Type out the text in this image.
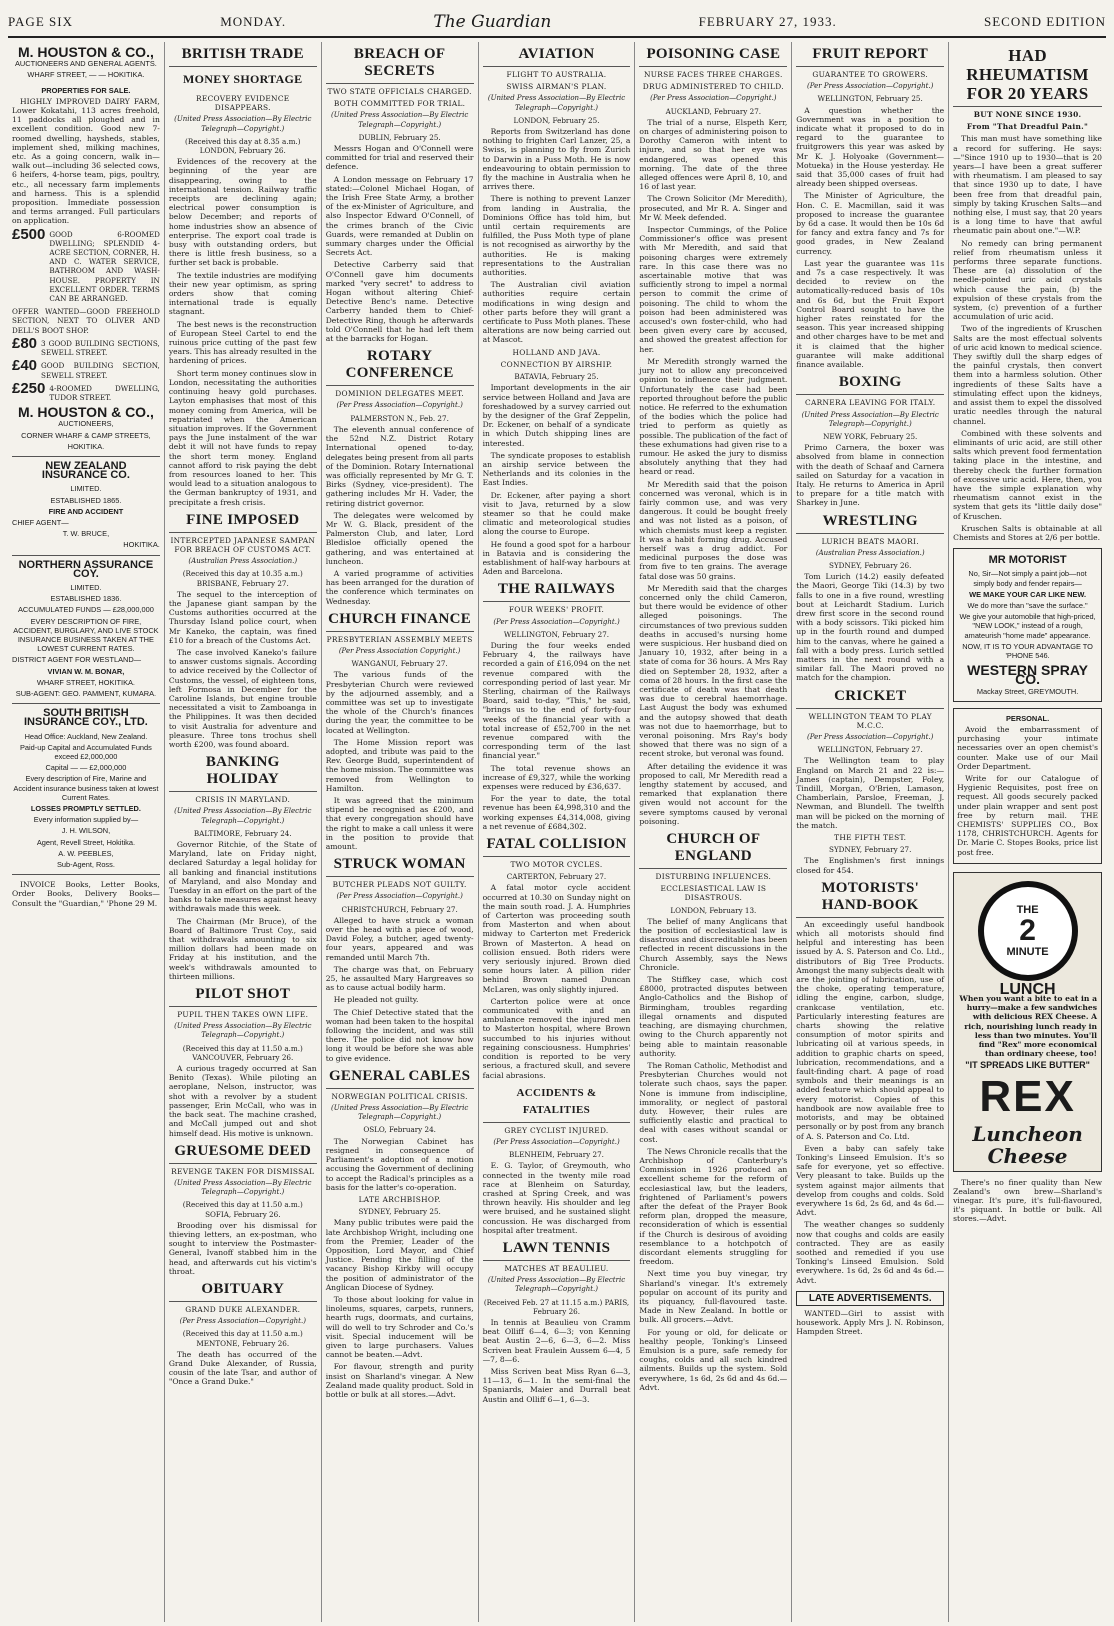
PAGE SIX	MONDAY.	The Guardian	FEBRUARY 27, 1933.	SECOND EDITION
M. HOUSTON & CO.,
AUCTIONEERS AND GENERAL AGENTS.
WHARF STREET, — — HOKITIKA.
PROPERTIES FOR SALE.

HIGHLY IMPROVED DAIRY FARM, Lower Kokatahi, 113 acres freehold, 11 paddocks all ploughed and in excellent condition. Good new 7-roomed dwelling, haysheds, stables, implement shed, milking machines, etc. As a going concern, walk in—walk out—including 36 selected cows, 6 heifers, 4-horse team, pigs, poultry, etc., all necessary farm implements and harness. This is a splendid proposition. Immediate possession and terms arranged. Full particulars on application.

£500 GOOD 6-ROOMED DWELLING; SPLENDID 4-ACRE SECTION, CORNER, H. AND C. WATER SERVICE, BATHROOM AND WASH-HOUSE. PROPERTY IN EXCELLENT ORDER. TERMS CAN BE ARRANGED.
OFFER WANTED—GOOD FREEHOLD SECTION, NEXT TO OLIVER AND DELL'S BOOT SHOP.
£80 3 GOOD BUILDING SECTIONS, SEWELL STREET.
£40 GOOD BUILDING SECTION, SEWELL STREET.
£250 4-ROOMED DWELLING, TUDOR STREET.
M. HOUSTON & CO.,
AUCTIONEERS,
CORNER WHARF & CAMP STREETS,
HOKITIKA.
NEW ZEALAND INSURANCE CO.
LIMITED.
ESTABLISHED 1865.
FIRE AND ACCIDENT
CHIEF AGENT—
T. W. BRUCE,
HOKITIKA.
NORTHERN ASSURANCE COY.
LIMITED.
ESTABLISHED 1836.
ACCUMULATED FUNDS — £28,000,000
EVERY DESCRIPTION OF FIRE, ACCIDENT, BURGLARY, AND LIVE STOCK INSURANCE BUSINESS TAKEN AT THE LOWEST CURRENT RATES.
DISTRICT AGENT FOR WESTLAND—
VIVIAN W. M. BONAR,
WHARF STREET, HOKITIKA.
SUB-AGENT: GEO. PAMMENT, KUMARA.
SOUTH BRITISH INSURANCE COY., LTD.
Head Office: Auckland, New Zealand.
Paid-up Capital and Accumulated Funds exceed £2,000,000
Capital — — £2,000,000
Every description of Fire, Marine and Accident insurance business taken at lowest Current Rates.
LOSSES PROMPTLY SETTLED.
Every information supplied by—
J. H. WILSON,
Agent, Revell Street, Hokitika.
A. W. PEEBLES,
Sub-Agent, Ross.

INVOICE Books, Letter Books, Order Books, Delivery Books—Consult the "Guardian," 'Phone 29 M.

BRITISH TRADE
MONEY SHORTAGE
RECOVERY EVIDENCE DISAPPEARS.
(United Press Association—By Electric Telegraph—Copyright.)
(Received this day at 8.35 a.m.) LONDON, February 26.

Evidences of the recovery at the beginning of the year are disappearing, owing to the international tension. Railway traffic receipts are declining again; electrical power consumption is below December; and reports of home industries show an absence of enterprise. The export coal trade is busy with outstanding orders, but there is little fresh business, so a further set back is probable.

The textile industries are modifying their new year optimism, as spring orders show that coming international trade is equally stagnant.

The best news is the reconstruction of European Steel Cartel to end the ruinous price cutting of the past few years. This has already resulted in the hardening of prices.

Short term money continues slow in London, necessitating the authorities continuing heavy gold purchases. Layton emphasises that most of this money coming from America, will be repatriated when the American situation improves. If the Government pays the June instalment of the war debt it will not have funds to repay the short term money. England cannot afford to risk paying the debt from resources loaned to her. This would lead to a situation analogous to the German bankruptcy of 1931, and precipitate a fresh crisis.

FINE IMPOSED
INTERCEPTED JAPANESE SAMPAN FOR BREACH OF CUSTOMS ACT.
(Australian Press Association.)
(Received this day at 10.35 a.m.) BRISBANE, February 27.

The sequel to the interception of the Japanese giant sampan by the Customs authorities occurred at the Thursday Island police court, when Mr Kaneko, the captain, was fined £10 for a breach of the Customs Act.

The case involved Kaneko's failure to answer customs signals. According to advice received by the Collector of Customs, the vessel, of eighteen tons, left Formosa in December for the Caroline Islands, but engine trouble necessitated a visit to Zamboanga in the Philippines. It was then decided to visit Australia for adventure and pleasure. Three tons trochus shell worth £200, was found aboard.

BANKING HOLIDAY
CRISIS IN MARYLAND.
(United Press Association—By Electric Telegraph—Copyright.)
BALTIMORE, February 24.

Governor Ritchie, of the State of Maryland, late on Friday night, declared Saturday a legal holiday for all banking and financial institutions of Maryland, and also Monday and Tuesday in an effort on the part of the banks to take measures against heavy withdrawals made this week.

The Chairman (Mr Bruce), of the Board of Baltimore Trust Coy., said that withdrawals amounting to six million dollars had been made on Friday at his institution, and the week's withdrawals amounted to thirteen millions.

PILOT SHOT
PUPIL THEN TAKES OWN LIFE.
(United Press Association—By Electric Telegraph—Copyright.)
(Received this day at 11.50 a.m.) VANCOUVER, February 26.

A curious tragedy occurred at San Benito (Texas). While piloting an aeroplane, Nelson, instructor, was shot with a revolver by a student passenger, Erin McCall, who was in the back seat. The machine crashed, and McCall jumped out and shot himself dead. His motive is unknown.

GRUESOME DEED
REVENGE TAKEN FOR DISMISSAL
(United Press Association—By Electric Telegraph—Copyright.)
(Received this day at 11.50 a.m.) SOFIA, February 26.

Brooding over his dismissal for thieving letters, an ex-postman, who sought to interview the Postmaster-General, Ivanoff stabbed him in the head, and afterwards cut his victim's throat.

OBITUARY
GRAND DUKE ALEXANDER.
(Per Press Association—Copyright.)
(Received this day at 11.50 a.m.) MENTONE, February 26.

The death has occurred of the Grand Duke Alexander, of Russia, cousin of the late Tsar, and author of "Once a Grand Duke."

BREACH OF SECRETS
TWO STATE OFFICIALS CHARGED.
BOTH COMMITTED FOR TRIAL.
(United Press Association—By Electric Telegraph—Copyright.)
DUBLIN, February 25.

Messrs Hogan and O'Connell were committed for trial and reserved their defence.

A London message on February 17 stated:—Colonel Michael Hogan, of the Irish Free State Army, a brother of the ex-Minister of Agriculture, and also Inspector Edward O'Connell, of the crimes branch of the Civic Guards, were remanded at Dublin on summary charges under the Official Secrets Act.

Detective Carberry said that O'Connell gave him documents marked "very secret" to address to Hogan without altering Chief-Detective Benc's name. Detective Carberry handed them to Chief-Detective Ring, though he afterwards told O'Connell that he had left them at the barracks for Hogan.

ROTARY CONFERENCE
DOMINION DELEGATES MEET.
(Per Press Association—Copyright.)
PALMERSTON N., Feb. 27.

The eleventh annual conference of the 52nd N.Z. District Rotary International opened to-day, delegates being present from all parts of the Dominion. Rotary International was officially represented by Mr G. T. Birks (Sydney, vice-president). The gathering includes Mr H. Vader, the retiring district governor.

The delegates were welcomed by Mr W. G. Black, president of the Palmerston Club, and later, Lord Bledisloe officially opened the gathering, and was entertained at luncheon.

A varied programme of activities has been arranged for the duration of the conference which terminates on Wednesday.

CHURCH FINANCE
PRESBYTERIAN ASSEMBLY MEETS
(Per Press Association Copyright.)
WANGANUI, February 27.

The various funds of the Presbyterian Church were reviewed by the adjourned assembly, and a committee was set up to investigate the whole of the Church's finances during the year, the committee to be located at Wellington.

The Home Mission report was adopted, and tribute was paid to the Rev. George Budd, superintendent of the home mission. The committee was removed from Wellington to Hamilton.

It was agreed that the minimum stipend be recognised as £200, and that every congregation should have the right to make a call unless it were in the position to provide that amount.

STRUCK WOMAN
BUTCHER PLEADS NOT GUILTY.
(Per Press Association—Copyright.)
CHRISTCHURCH, February 27.

Alleged to have struck a woman over the head with a piece of wood, David Foley, a butcher, aged twenty-four years, appeared and was remanded until March 7th.

The charge was that, on February 25, he assaulted Mary Hargreaves so as to cause actual bodily harm.

He pleaded not guilty.

The Chief Detective stated that the woman had been taken to the hospital following the incident, and was still there. The police did not know how long it would be before she was able to give evidence.

GENERAL CABLES
NORWEGIAN POLITICAL CRISIS.
(United Press Association—By Electric Telegraph—Copyright.)
OSLO, February 24.

The Norwegian Cabinet has resigned in consequence of Parliament's adoption of a motion accusing the Government of declining to accept the Radical's principles as a basis for the latter's co-operation.

LATE ARCHBISHOP.
SYDNEY, February 25.

Many public tributes were paid the late Archbishop Wright, including one from the Premier, Leader of the Opposition, Lord Mayor, and Chief Justice. Pending the filling of the vacancy Bishop Kirkby will occupy the position of administrator of the Anglican Diocese of Sydney.

To those about looking for value in linoleums, squares, carpets, runners, hearth rugs, doormats, and curtains, will do well to try Schroder and Co.'s visit. Special inducement will be given to large purchasers. Values cannot be beaten.—Advt.

For flavour, strength and purity insist on Sharland's vinegar. A New Zealand made quality product. Sold in bottle or bulk at all stores.—Advt.

AVIATION
FLIGHT TO AUSTRALIA.
SWISS AIRMAN'S PLAN.
(United Press Association—By Electric Telegraph—Copyright.)
LONDON, February 25.

Reports from Switzerland has done nothing to frighten Carl Lanzer, 25, a Swiss, is planning to fly from Zurich to Darwin in a Puss Moth. He is now endeavouring to obtain permission to fly the machine in Australia when he arrives there.

There is nothing to prevent Lanzer from landing in Australia, the Dominions Office has told him, but until certain requirements are fulfilled, the Puss Moth type of plane is not recognised as airworthy by the authorities. He is making representations to the Australian authorities.

The Australian civil aviation authorities require certain modifications in wing design and other parts before they will grant a certificate to Puss Moth planes. These alterations are now being carried out at Mascot.

HOLLAND AND JAVA.
CONNECTION BY AIRSHIP.
BATAVIA, February 25.

Important developments in the air service between Holland and Java are foreshadowed by a survey carried out by the designer of the Graf Zeppelin, Dr. Eckener, on behalf of a syndicate in which Dutch shipping lines are interested.

The syndicate proposes to establish an airship service between the Netherlands and its colonies in the East Indies.

Dr. Eckener, after paying a short visit to Java, returned by a slow steamer so that he could make climatic and meteorological studies along the course to Europe.

He found a good spot for a harbour in Batavia and is considering the establishment of half-way harbours at Aden and Barcelona.

THE RAILWAYS
FOUR WEEKS' PROFIT.
(Per Press Association—Copyright.)
WELLINGTON, February 27.

During the four weeks ended February 4, the railways have recorded a gain of £16,094 on the net revenue compared with the corresponding period of last year. Mr Sterling, chairman of the Railways Board, said to-day, "This," he said, "brings us to the end of forty-four weeks of the financial year with a total increase of £52,700 in the net revenue compared with the corresponding term of the last financial year."

The total revenue shows an increase of £9,327, while the working expenses were reduced by £36,637.

For the year to date, the total revenue has been £4,998,310 and the working expenses £4,314,008, giving a net revenue of £684,302.

FATAL COLLISION
TWO MOTOR CYCLES.
CARTERTON, February 27.

A fatal motor cycle accident occurred at 10.30 on Sunday night on the main south road. J. A. Humphries of Carterton was proceeding south from Masterton and when about midway to Carterton met Frederick Brown of Masterton. A head on collision ensued. Both riders were very seriously injured. Brown died some hours later. A pillion rider behind Brown named Duncan McLaren, was only slightly injured.

Carterton police were at once communicated with and an ambulance removed the injured men to Masterton hospital, where Brown succumbed to his injuries without regaining consciousness. Humphries' condition is reported to be very serious, a fractured skull, and severe facial abrasions.

ACCIDENTS & FATALITIES
GREY CYCLIST INJURED.
(Per Press Association—Copyright.)
BLENHEIM, February 27.

E. G. Taylor, of Greymouth, who connected in the twenty mile road race at Blenheim on Saturday, crashed at Spring Creek, and was thrown heavily. His shoulder and leg were bruised, and he sustained slight concussion. He was discharged from hospital after treatment.

LAWN TENNIS
MATCHES AT BEAULIEU.
(United Press Association—By Electric Telegraph—Copyright.)
(Received Feb. 27 at 11.15 a.m.) PARIS, February 26.

In tennis at Beaulieu von Cramm beat Olliff 6—4, 6—3; von Kenning beat Austin 2—6, 6—3, 6—2. Miss Scriven beat Fraulein Aussem 6—4, 5—7, 8—6.

Miss Scriven beat Miss Ryan 6—3, 11—13, 6—1. In the semi-final the Spaniards, Maier and Durrall beat Austin and Olliff 6—1, 6—3.

POISONING CASE
NURSE FACES THREE CHARGES.
DRUG ADMINISTERED TO CHILD.
(Per Press Association—Copyright.)
AUCKLAND, February 27.

The trial of a nurse, Elspeth Kerr, on charges of administering poison to Dorothy Cameron with intent to injure, and so that her eye was endangered, was opened this morning. The date of the three alleged offences were April 8, 10, and 16 of last year.

The Crown Solicitor (Mr Meredith), prosecuted, and Mr R. A. Singer and Mr W. Meek defended.

Inspector Cummings, of the Police Commissioner's office was present with Mr Meredith, and said that poisoning charges were extremely rare. In this case there was no ascertainable motive that was sufficiently strong to impel a normal person to commit the crime of poisoning. The child to whom the poison had been administered was accused's own foster-child, who had been given every care by accused, and showed the greatest affection for her.

Mr Meredith strongly warned the jury not to allow any preconceived opinion to influence their judgment. Unfortunately the case had been reported throughout before the public notice. He referred to the exhumation of the bodies which the police had tried to perform as quietly as possible. The publication of the fact of these exhumations had given rise to a rumour. He asked the jury to dismiss absolutely anything that they had heard or read.

Mr Meredith said that the poison concerned was veronal, which is in fairly common use, and was very dangerous. It could be bought freely and was not listed as a poison, of which chemists must keep a register. It was a habit forming drug. Accused herself was a drug addict. For medicinal purposes the dose was from five to ten grains. The average fatal dose was 50 grains.

Mr Meredith said that the charges concerned only the child Cameron, but there would be evidence of other alleged poisonings. The circumstances of two previous sudden deaths in accused's nursing home were suspicious. Her husband died on January 10, 1932, after being in a state of coma for 36 hours. A Mrs Ray died on September 28, 1932, after a coma of 28 hours. In the first case the certificate of death was that death was due to cerebral haemorrhage. Last August the body was exhumed and the autopsy showed that death was not due to haemorrhage, but to veronal poisoning. Mrs Ray's body showed that there was no sign of a recent stroke, but veronal was found.

After detailing the evidence it was proposed to call, Mr Meredith read a lengthy statement by accused, and remarked that explanation there given would not account for the severe symptoms caused by veronal poisoning.

CHURCH OF ENGLAND
DISTURBING INFLUENCES.
ECCLESIASTICAL LAW IS DISASTROUS.
LONDON, February 13.

The belief of many Anglicans that the position of ecclesiastical law is disastrous and discreditable has been reflected in recent discussions in the Church Assembly, says the News Chronicle.

The Stiffkey case, which cost £8000, protracted disputes between Anglo-Catholics and the Bishop of Birmingham, troubles regarding illegal ornaments and disputed teaching, are dismaying churchmen, owing to the Church apparently not being able to maintain reasonable authority.

The Roman Catholic, Methodist and Presbyterian Churches would not tolerate such chaos, says the paper. None is immune from indiscipline, immorality, or neglect of pastoral duty. However, their rules are sufficiently elastic and practical to deal with cases without scandal or cost.

The News Chronicle recalls that the Archbishop of Canterbury's Commission in 1926 produced an excellent scheme for the reform of ecclesiastical law, but the leaders, frightened of Parliament's powers after the defeat of the Prayer Book reform plan, dropped the measure, reconsideration of which is essential if the Church is desirous of avoiding resemblance to a hotchpotch of discordant elements struggling for freedom.

Next time you buy vinegar, try Sharland's vinegar. It's extremely popular on account of its purity and its piquancy, full-flavoured taste. Made in New Zealand. In bottle or bulk. All grocers.—Advt.

For young or old, for delicate or healthy people, Tonking's Linseed Emulsion is a pure, safe remedy for coughs, colds and all such kindred ailments. Builds up the system. Sold everywhere, 1s 6d, 2s 6d and 4s 6d.—Advt.

FRUIT REPORT
GUARANTEE TO GROWERS.
(Per Press Association—Copyright.)
WELLINGTON, February 25.

A question whether the Government was in a position to indicate what it proposed to do in regard to the guarantee to fruitgrowers this year was asked by Mr K. J. Holyoake (Government—Motueka) in the House yesterday. He said that 35,000 cases of fruit had already been shipped overseas.

The Minister of Agriculture, the Hon. C. E. Macmillan, said it was proposed to increase the guarantee by 6d a case. It would then be 10s 6d for fancy and extra fancy and 7s for good grades, in New Zealand currency.

Last year the guarantee was 11s and 7s a case respectively. It was decided to review on the automatically-reduced basis of 10s and 6s 6d, but the Fruit Export Control Board sought to have the higher rates reinstated for the season. This year increased shipping and other charges have to be met and it is claimed that the higher guarantee will make additional finance available.

BOXING
CARNERA LEAVING FOR ITALY.
(United Press Association—By Electric Telegraph—Copyright.)
NEW YORK, February 25.

Primo Carnera, the boxer was absolved from blame in connection with the death of Schaaf and Carnera sailed on Saturday for a vacation in Italy. He returns to America in April to prepare for a title match with Sharkey in June.

WRESTLING
LURICH BEATS MAORI.
(Australian Press Association.)
SYDNEY, February 26.

Tom Lurich (14.2) easily defeated the Maori, George Tiki (14.3) by two falls to one in a five round, wrestling bout at Leichardt Stadium. Lurich drew first score in the second round with a body scissors. Tiki picked him up in the fourth round and dumped him to the canvas, where he gained a fall with a body press. Lurich settled matters in the next round with a similar fall. The Maori proved no match for the champion.

CRICKET
WELLINGTON TEAM TO PLAY M.C.C.
(Per Press Association—Copyright.)
WELLINGTON, February 27.

The Wellington team to play England on March 21 and 22 is:—James (captain), Dempster, Foley, Tindill, Morgan, O'Brien, Lamason, Chamberlain, Parsloe, Freeman, J. Newman, and Blundell. The twelfth man will be picked on the morning of the match.

THE FIFTH TEST.
SYDNEY, February 27.

The Englishmen's first innings closed for 454.

MOTORISTS' HAND-BOOK

An exceedingly useful handbook which all motorists should find helpful and interesting has been issued by A. S. Paterson and Co. Ltd., distributors of Big Tree Products. Amongst the many subjects dealt with are the jointing of lubrication, use of the choke, operating temperature, idling the engine, carbon, sludge, crankcase ventilation, etc. Particularly interesting features are charts showing the relative consumption of motor spirits and lubricating oil at various speeds, in addition to graphic charts on speed, lubrication, recommendations, and a fault-finding chart. A page of road symbols and their meanings is an added feature which should appeal to every motorist. Copies of this handbook are now available free to motorists, and may be obtained personally or by post from any branch of A. S. Paterson and Co. Ltd.

Even a baby can safely take Tonking's Linseed Emulsion. It's so safe for everyone, yet so effective. Very pleasant to take. Builds up the system against major ailments that develop from coughs and colds. Sold everywhere 1s 6d, 2s 6d, and 4s 6d.—Advt.

The weather changes so suddenly now that coughs and colds are easily contracted. They are as easily soothed and remedied if you use Tonking's Linseed Emulsion. Sold everywhere. 1s 6d, 2s 6d and 4s 6d.—Advt.

LATE ADVERTISEMENTS.

WANTED—Girl to assist with housework. Apply Mrs J. N. Robinson, Hampden Street.

HAD RHEUMATISM FOR 20 YEARS
BUT NONE SINCE 1930.
From "That Dreadful Pain."

This man must have something like a record for suffering. He says:—"Since 1910 up to 1930—that is 20 years—I have been a great sufferer with rheumatism. I am pleased to say that since 1930 up to date, I have been free from that dreadful pain, simply by taking Kruschen Salts—and nothing else, I must say, that 20 years is a long time to have that awful rheumatic pain about one."—W.P.

No remedy can bring permanent relief from rheumatism unless it performs three separate functions. These are (a) dissolution of the needle-pointed uric acid crystals which cause the pain, (b) the expulsion of these crystals from the system, (c) prevention of a further accumulation of uric acid.

Two of the ingredients of Kruschen Salts are the most effectual solvents of uric acid known to medical science. They swiftly dull the sharp edges of the painful crystals, then convert them into a harmless solution. Other ingredients of these Salts have a stimulating effect upon the kidneys, and assist them to expel the dissolved uratic needles through the natural channel.

Combined with these solvents and eliminants of uric acid, are still other salts which prevent food fermentation taking place in the intestine, and thereby check the further formation of excessive uric acid. Here, then, you have the simple explanation why rheumatism cannot exist in the system that gets its "little daily dose" of Kruschen.

Kruschen Salts is obtainable at all Chemists and Stores at 2/6 per bottle.

MR MOTORIST
No, Sir—Not simply a paint job—not simply body and fender repairs—
WE MAKE YOUR CAR LIKE NEW.
We do more than "save the surface."
We give your automobile that high-priced, "NEW LOOK," instead of a rough, amateurish "home made" appearance.
NOW, IT IS TO YOUR ADVANTAGE TO 'PHONE 546.
WESTERN SPRAY CO.
Mackay Street, GREYMOUTH.
PERSONAL.

Avoid the embarrassment of purchasing your intimate necessaries over an open chemist's counter. Make use of our Mail Order Department.

Write for our Catalogue of Hygienic Requisites, post free on request. All goods securely packed under plain wrapper and sent post free by return mail. THE CHEMISTS' SUPPLIES CO., Box 1178, CHRISTCHURCH. Agents for Dr. Marie C. Stopes Books, price list post free.

THE
2
MINUTE
LUNCH

When you want a bite to eat in a hurry—make a few sandwiches with delicious REX Cheese. A rich, nourishing lunch ready in less than two minutes. You'll find "Rex" more economical than ordinary cheese, too!

"IT SPREADS LIKE BUTTER"
REX
Luncheon Cheese

There's no finer quality than New Zealand's own brew—Sharland's vinegar. It's pure, it's full-flavoured, it's piquant. In bottle or bulk. All stores.—Advt.
